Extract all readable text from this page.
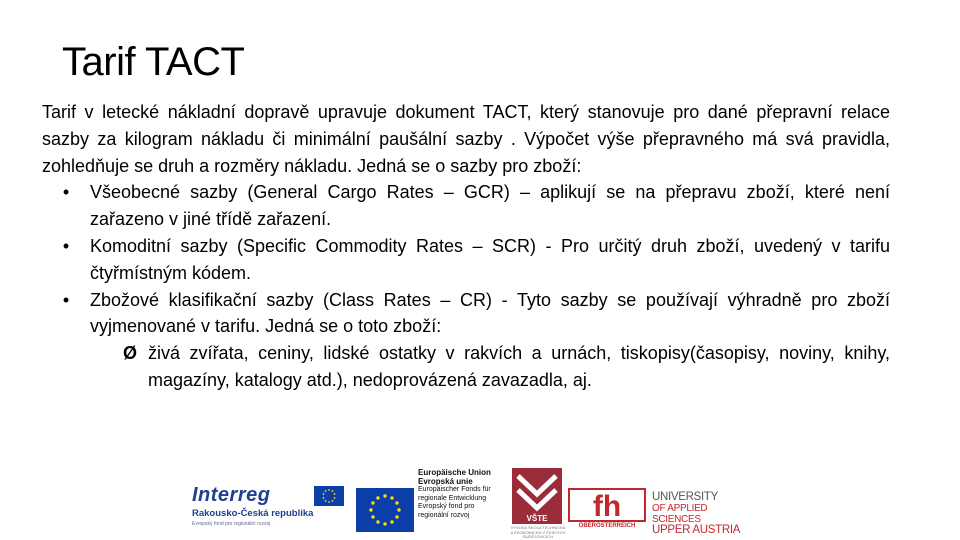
Tarif TACT

Tarif v letecké nákladní dopravě upravuje dokument TACT, který stanovuje pro dané přepravní relace sazby za kilogram nákladu či minimální paušální sazby . Výpočet výše přepravného má svá pravidla, zohledňuje se druh a rozměry nákladu. Jedná se o sazby pro zboží:

• Všeobecné sazby (General Cargo Rates – GCR) – aplikují se na přepravu zboží, které není zařazeno v jiné třídě zařazení.
• Komoditní sazby (Specific Commodity Rates – SCR) - Pro určitý druh zboží, uvedený v tarifu čtyřmístným kódem.
• Zbožové klasifikační sazby (Class Rates – CR) - Tyto sazby se používají výhradně pro zboží vyjmenované v tarifu. Jedná se o toto zboží:
Ø živá zvířata, ceniny, lidské ostatky v rakvích a urnách, tiskopisy(časopisy, noviny, knihy, magazíny, katalogy atd.), nedoprovázená zavazadla, aj.
Interreg
Rakousko-Česká republika
Evropský fond pro regionální rozvoj
Europäische Union
Evropská unie
Europäischer Fonds für
regionale Entwicklung
Evropský fond pro
regionální rozvoj	VŠTE
VYSOKÁ ŠKOLA TECHNICKÁ A EKONOMICKÁ V ČESKÝCH BUDĚJOVICÍCH
fh
OBERÖSTERREICH
UNIVERSITY
OF APPLIED SCIENCES
UPPER AUSTRIA
